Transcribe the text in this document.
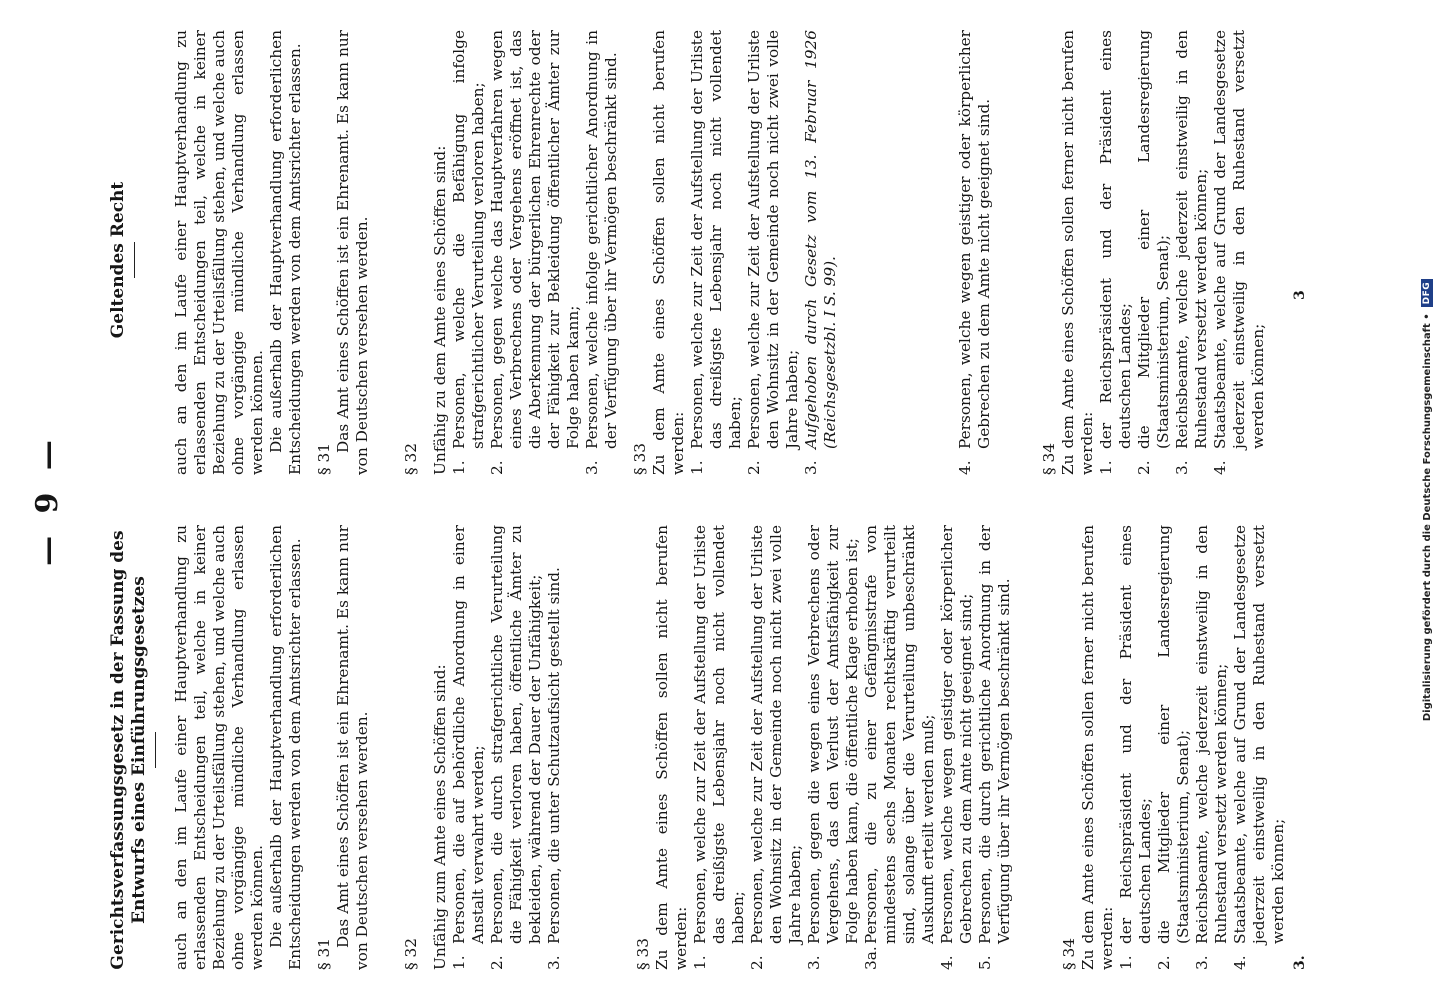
— 9 —
Gerichtsverfassungsgesetz in der Fassung des Entwurfs eines Einführungsgesetzes
Geltendes Recht

auch an den im Laufe einer Hauptverhandlung zu erlassenden Entscheidungen teil, welche in keiner Beziehung zu der Urteilsfällung stehen, und welche auch ohne vorgängige mündliche Verhandlung erlassen werden können. Die außerhalb der Hauptverhandlung erforderlichen Entscheidungen werden von dem Amtsrichter erlassen. § 31

Das Amt eines Schöffen ist ein Ehrenamt. Es kann nur von Deutschen versehen werden. § 32 Unfähig zum Amte eines Schöffen sind: 1.
Personen, die auf behördliche Anordnung in einer Anstalt verwahrt werden;
2.
Personen, die durch strafgerichtliche Verurteilung die Fähigkeit verloren haben, öffentliche Ämter zu bekleiden, während der Dauer der Unfähigkeit;
3.
Personen, die unter Schutzaufsicht gestellt sind.

§ 33 Zu dem Amte eines Schöffen sollen nicht berufen werden: 1.
Personen, welche zur Zeit der Aufstellung der Urliste das dreißigste Lebensjahr noch nicht vollendet haben;
2.
Personen, welche zur Zeit der Aufstellung der Urliste den Wohnsitz in der Gemeinde noch nicht zwei volle Jahre haben;
3.
Personen, gegen die wegen eines Verbrechens oder Vergehens, das den Verlust der Amtsfähigkeit zur Folge haben kann, die öffentliche Klage erhoben ist;
3a.
Personen, die zu einer Gefängnisstrafe von mindestens sechs Monaten rechtskräftig verurteilt sind, solange über die Verurteilung unbeschränkt Auskunft erteilt werden muß;
4.
Personen, welche wegen geistiger oder körperlicher Gebrechen zu dem Amte nicht geeignet sind;
5.
Personen, die durch gerichtliche Anordnung in der Verfügung über ihr Vermögen beschränkt sind.

§ 34 Zu dem Amte eines Schöffen sollen ferner nicht berufen werden: 1.
der Reichspräsident und der Präsident eines deutschen Landes;
2.
die Mitglieder einer Landesregierung (Staatsministerium, Senat);
3.
Reichsbeamte, welche jederzeit einstweilig in den Ruhestand versetzt werden können;
4.
Staatsbeamte, welche auf Grund der Landesgesetze jederzeit einstweilig in den Ruhestand versetzt werden können;

auch an den im Laufe einer Hauptverhandlung zu erlassenden Entscheidungen teil, welche in keiner Beziehung zu der Urteilsfällung stehen, und welche auch ohne vorgängige mündliche Verhandlung erlassen werden können. Die außerhalb der Hauptverhandlung erforderlichen Entscheidungen werden von dem Amtsrichter erlassen. § 31

Das Amt eines Schöffen ist ein Ehrenamt. Es kann nur von Deutschen versehen werden. § 32 Unfähig zu dem Amte eines Schöffen sind: 1.
Personen, welche die Befähigung infolge strafgerichtlicher Verurteilung verloren haben;
2.
Personen, gegen welche das Hauptverfahren wegen eines Verbrechens oder Vergehens eröffnet ist, das die Aberkennung der bürgerlichen Ehrenrechte oder der Fähigkeit zur Bekleidung öffentlicher Ämter zur Folge haben kann;
3.
Personen, welche infolge gerichtlicher Anordnung in der Verfügung über ihr Vermögen beschränkt sind.

§ 33 Zu dem Amte eines Schöffen sollen nicht berufen werden: 1.
Personen, welche zur Zeit der Aufstellung der Urliste das dreißigste Lebensjahr noch nicht vollendet haben;
2.
Personen, welche zur Zeit der Aufstellung der Urliste den Wohnsitz in der Gemeinde noch nicht zwei volle Jahre haben;
3.
Aufgehoben durch Gesetz vom 13. Februar 1926 (Reichsgesetzbl. I S. 99).
4.
Personen, welche wegen geistiger oder körperlicher Gebrechen zu dem Amte nicht geeignet sind.

§ 34 Zu dem Amte eines Schöffen sollen ferner nicht berufen werden: 1.
der Reichspräsident und der Präsident eines deutschen Landes;
2.
die Mitglieder einer Landesregierung (Staatsministerium, Senat);
3.
Reichsbeamte, welche jederzeit einstweilig in den Ruhestand versetzt werden können;
4.
Staatsbeamte, welche auf Grund der Landesgesetze jederzeit einstweilig in den Ruhestand versetzt werden können;
3.
3
Digitalisierung gefördert durch die Deutsche Forschungsgemeinschaft •
DFG
